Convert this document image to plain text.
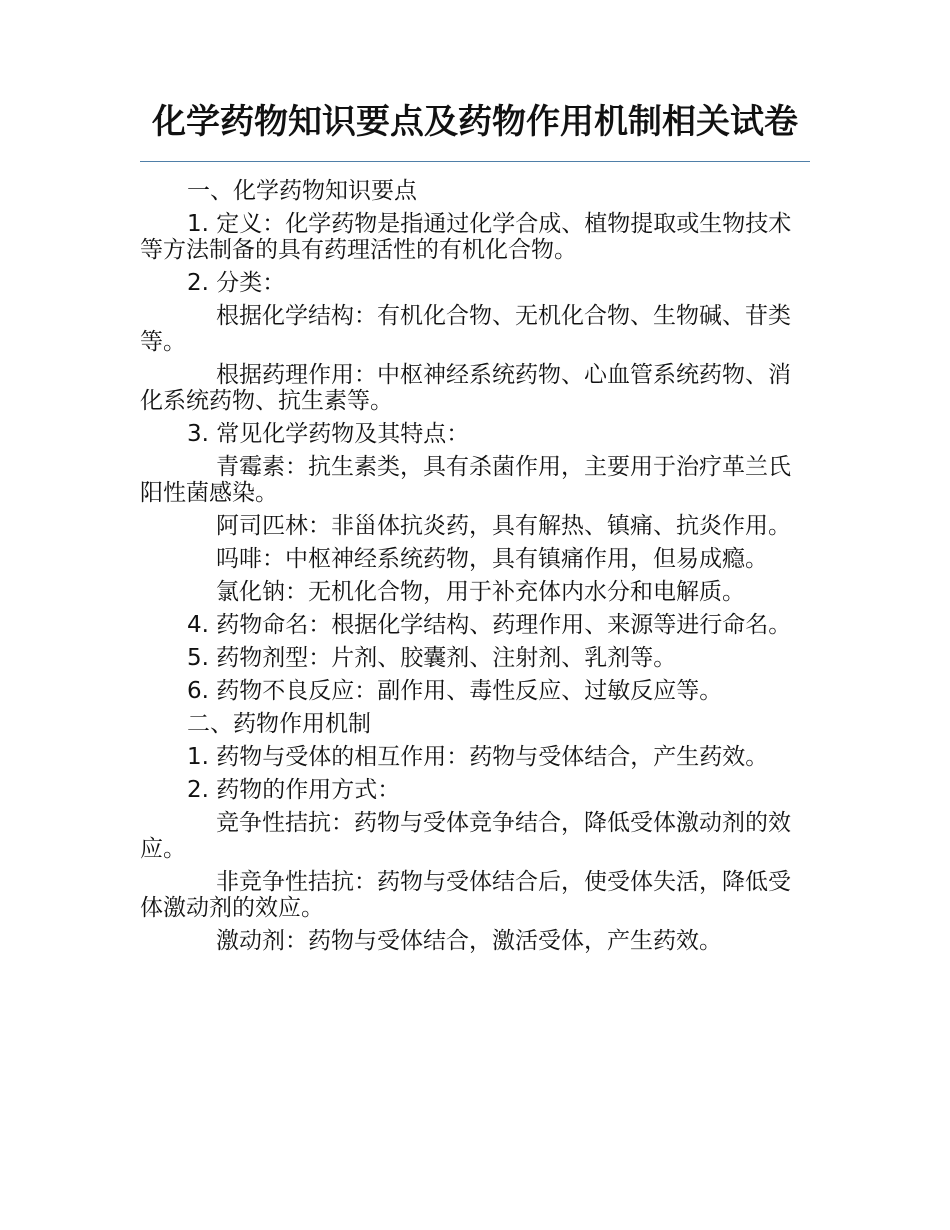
化学药物知识要点及药物作用机制相关试卷

一、化学药物知识要点

1. 定义：化学药物是指通过化学合成、植物提取或生物技术等方法制备的具有药理活性的有机化合物。

2. 分类：

根据化学结构：有机化合物、无机化合物、生物碱、苷类等。

根据药理作用：中枢神经系统药物、心血管系统药物、消化系统药物、抗生素等。

3. 常见化学药物及其特点：

青霉素：抗生素类，具有杀菌作用，主要用于治疗革兰氏阳性菌感染。

阿司匹林：非甾体抗炎药，具有解热、镇痛、抗炎作用。

吗啡：中枢神经系统药物，具有镇痛作用，但易成瘾。

氯化钠：无机化合物，用于补充体内水分和电解质。

4. 药物命名：根据化学结构、药理作用、来源等进行命名。

5. 药物剂型：片剂、胶囊剂、注射剂、乳剂等。

6. 药物不良反应：副作用、毒性反应、过敏反应等。

二、药物作用机制

1. 药物与受体的相互作用：药物与受体结合，产生药效。

2. 药物的作用方式：

竞争性拮抗：药物与受体竞争结合，降低受体激动剂的效应。

非竞争性拮抗：药物与受体结合后，使受体失活，降低受体激动剂的效应。

激动剂：药物与受体结合，激活受体，产生药效。
